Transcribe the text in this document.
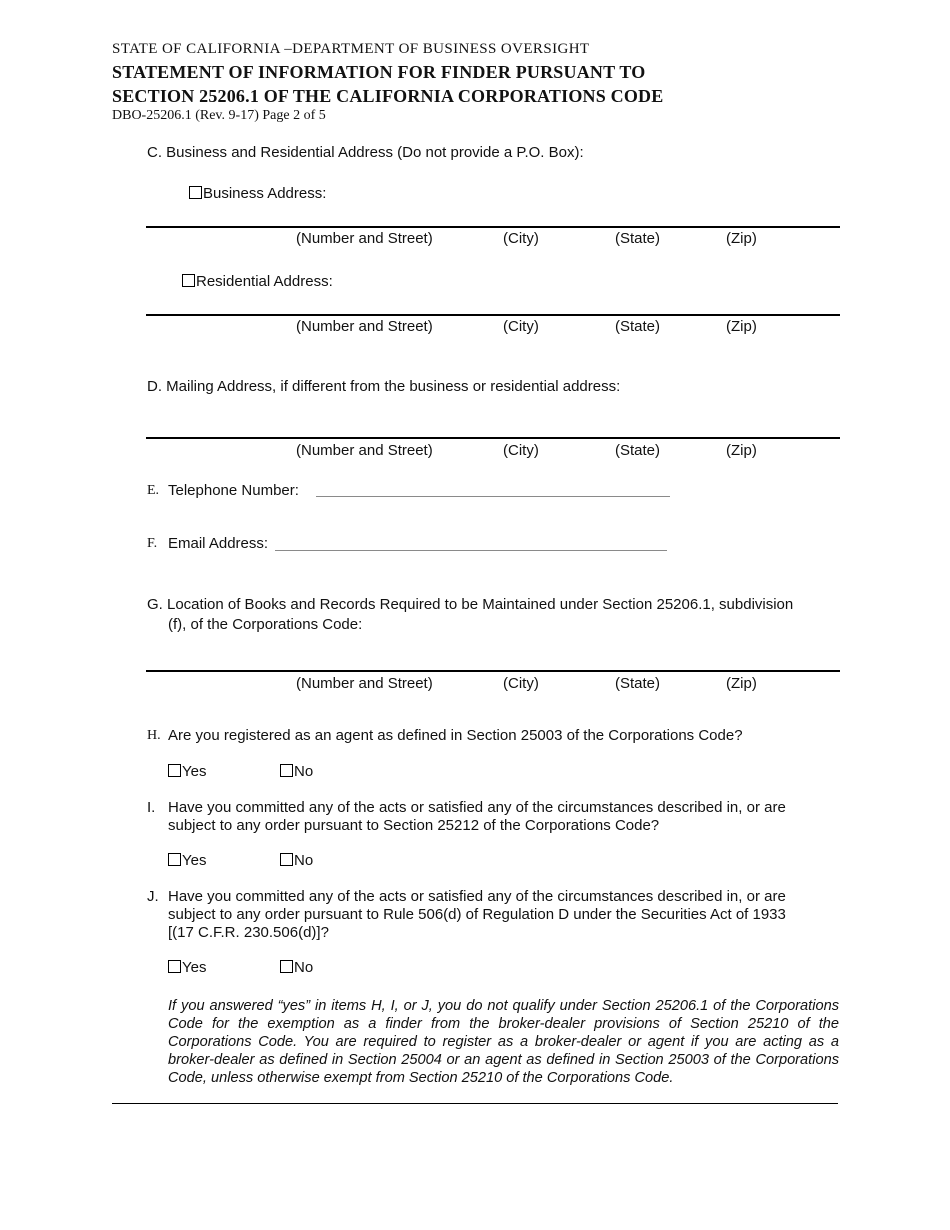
STATE OF CALIFORNIA –DEPARTMENT OF BUSINESS OVERSIGHT
STATEMENT OF INFORMATION FOR FINDER PURSUANT TO
SECTION 25206.1 OF THE CALIFORNIA CORPORATIONS CODE
DBO-25206.1 (Rev. 9-17) Page 2 of 5
C. Business and Residential Address (Do not provide a P.O. Box):
Business Address:
(Number and Street)	(City)	(State)	(Zip)
Residential Address:
(Number and Street)	(City)	(State)	(Zip)
D. Mailing Address, if different from the business or residential address:
(Number and Street)	(City)	(State)	(Zip)
E. Telephone Number:
F. Email Address:
G. Location of Books and Records Required to be Maintained under Section 25206.1, subdivision
(f), of the Corporations Code:
(Number and Street)	(City)	(State)	(Zip)
H. Are you registered as an agent as defined in Section 25003 of the Corporations Code?
Yes	No
I. Have you committed any of the acts or satisfied any of the circumstances described in, or are
subject to any order pursuant to Section 25212 of the Corporations Code?
Yes	No
J. Have you committed any of the acts or satisfied any of the circumstances described in, or are
subject to any order pursuant to Rule 506(d) of Regulation D under the Securities Act of 1933
[(17 C.F.R. 230.506(d)]?
Yes	No
If you answered “yes” in items H, I, or J, you do not qualify under Section 25206.1 of the Corporations Code for the exemption as a finder from the broker-dealer provisions of Section 25210 of the Corporations Code. You are required to register as a broker-dealer or agent if you are acting as a broker-dealer as defined in Section 25004 or an agent as defined in Section 25003 of the Corporations Code, unless otherwise exempt from Section 25210 of the Corporations Code.
